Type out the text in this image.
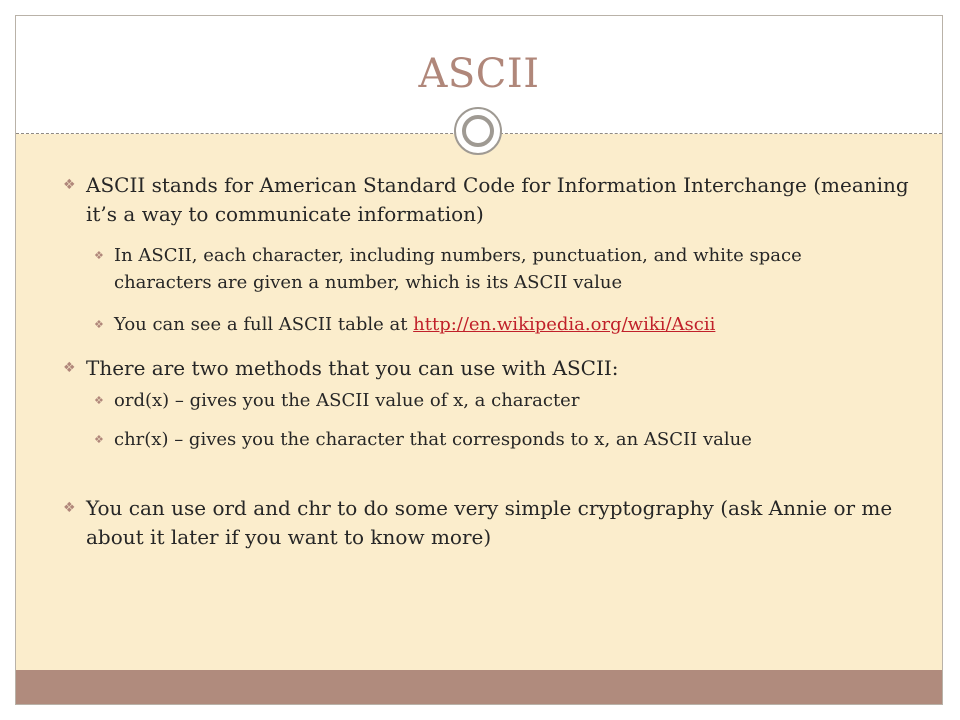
ASCII
❖ ASCII stands for American Standard Code for Information Interchange (meaning it’s a way to communicate information)
❖ In ASCII, each character, including numbers, punctuation, and white space characters are given a number, which is its ASCII value
❖ You can see a full ASCII table at http://en.wikipedia.org/wiki/Ascii
❖ There are two methods that you can use with ASCII:
❖ ord(x) – gives you the ASCII value of x, a character
❖ chr(x) – gives you the character that corresponds to x, an ASCII value
❖ You can use ord and chr to do some very simple cryptography (ask Annie or me about it later if you want to know more)
